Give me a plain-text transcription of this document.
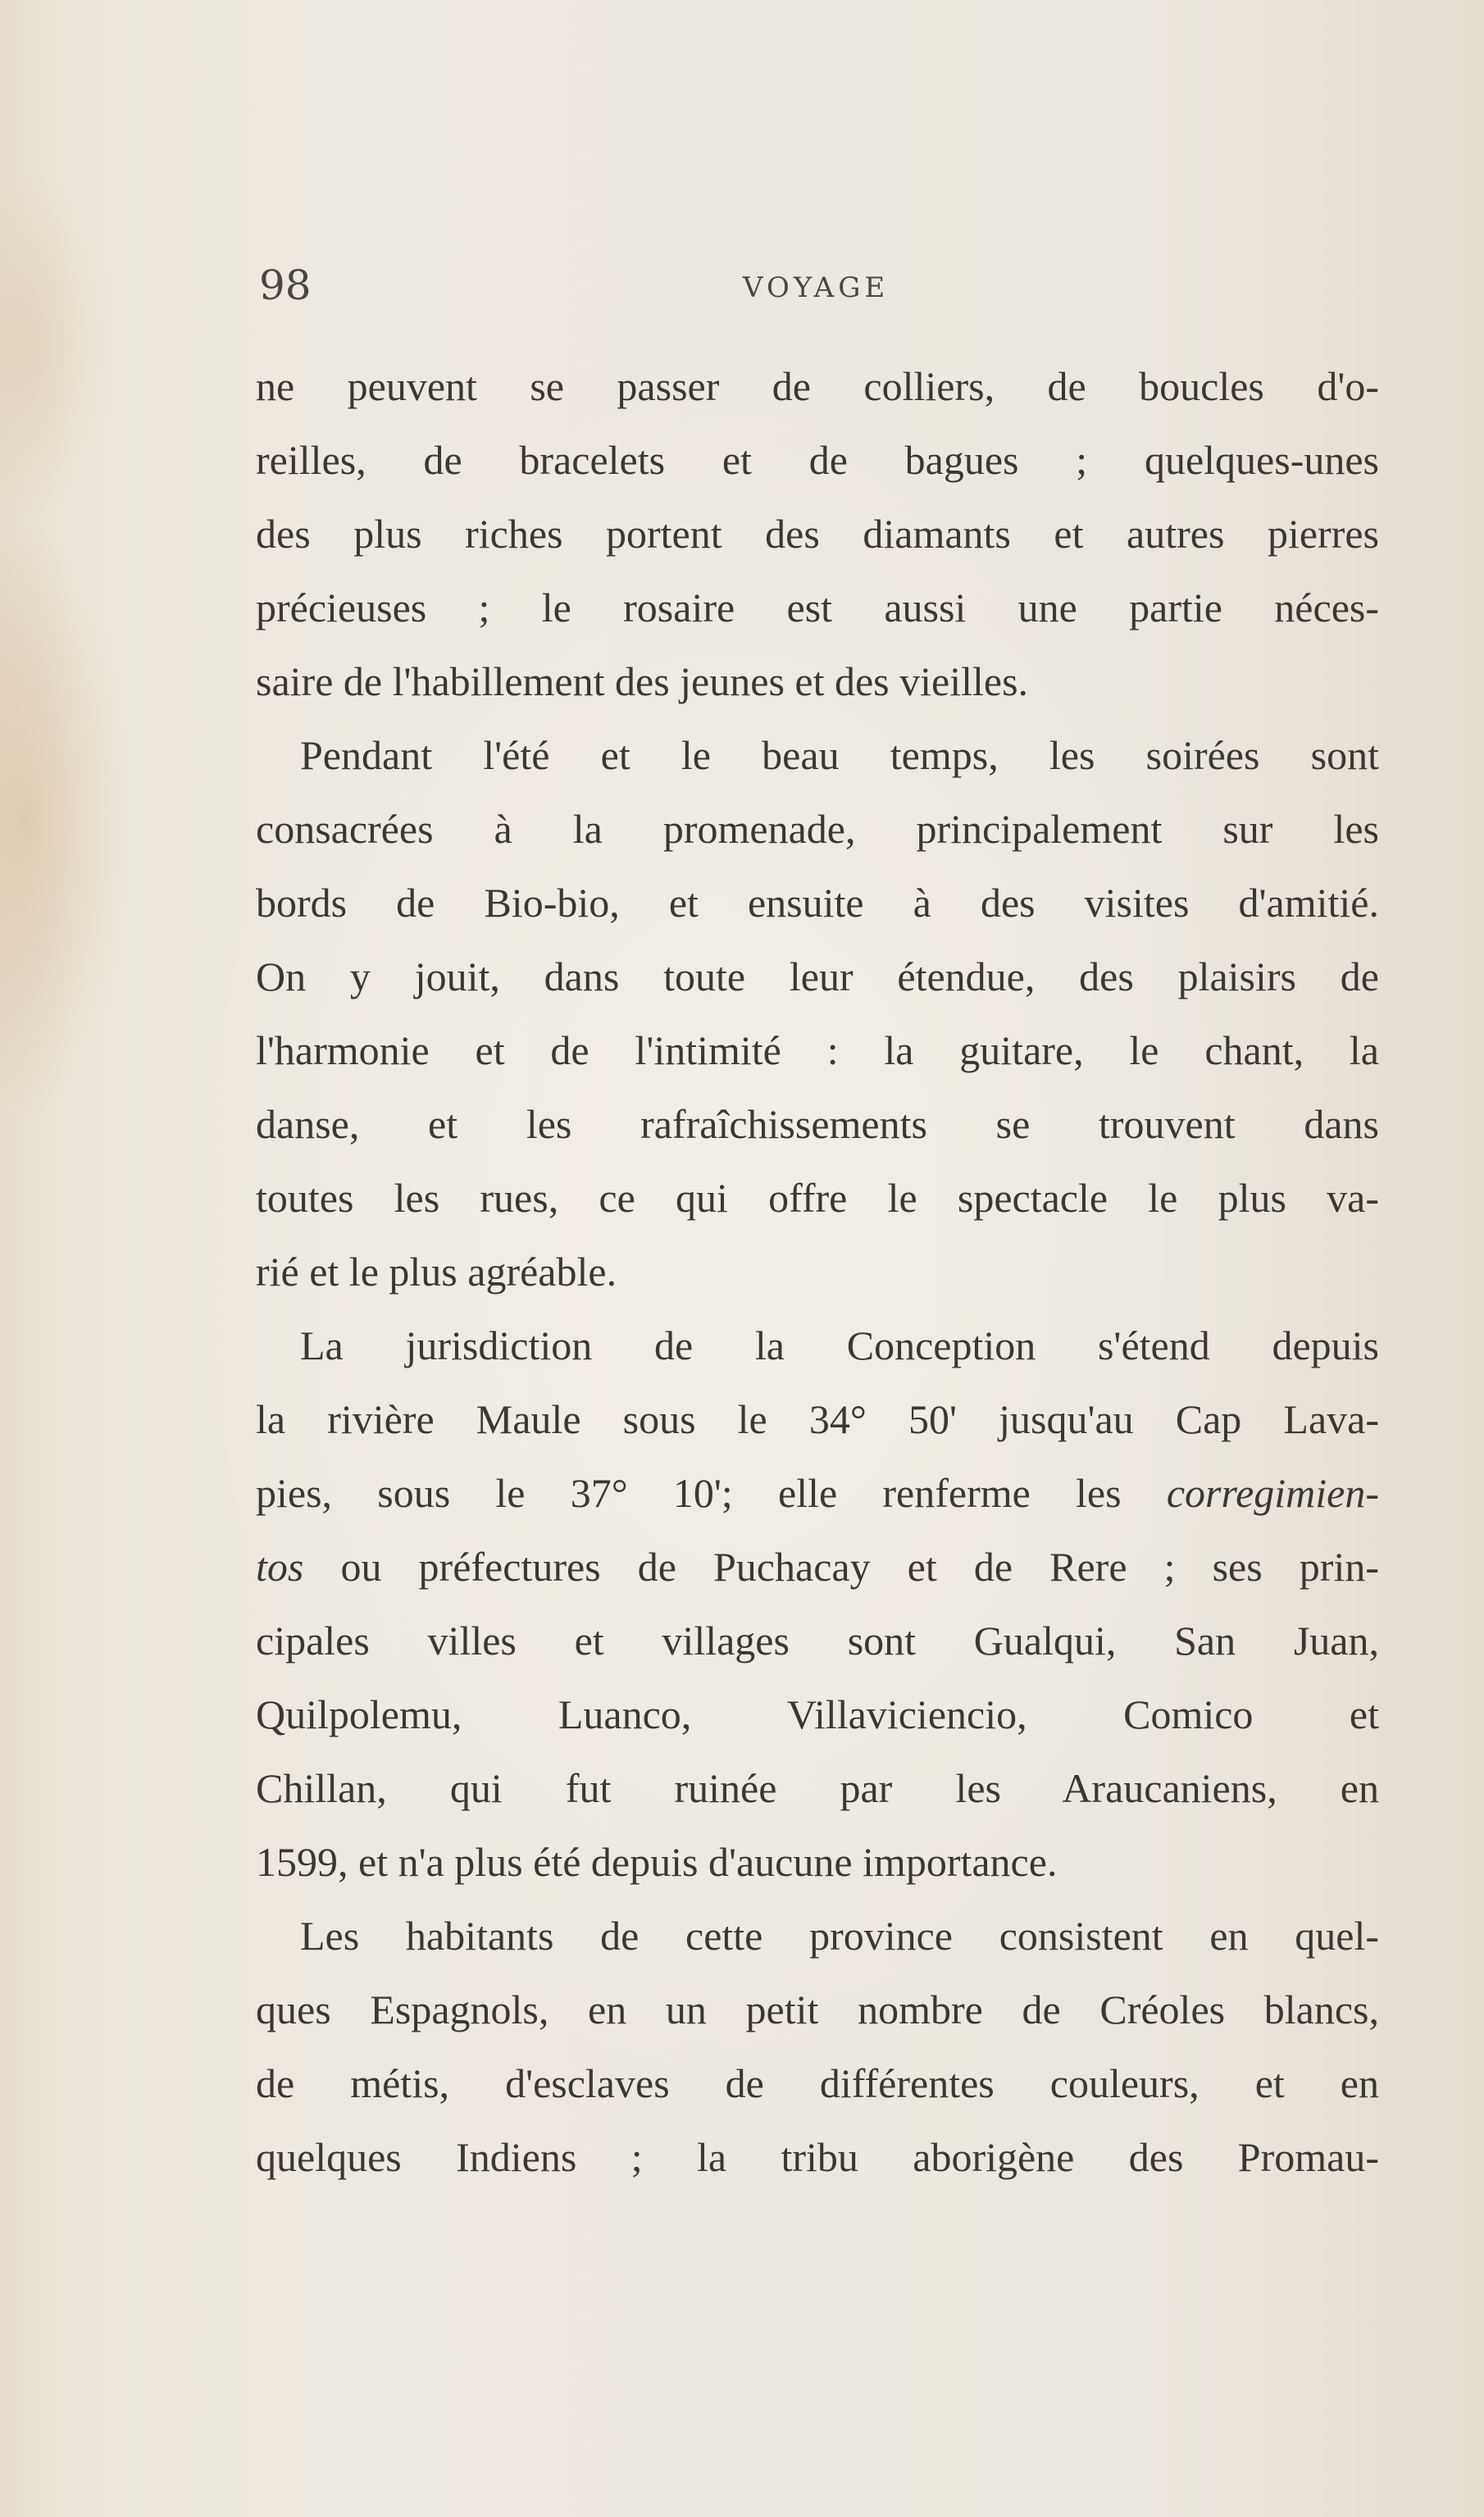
98	VOYAGE

ne peuvent se passer de colliers, de boucles d'o-
reilles, de bracelets et de bagues ; quelques-unes
des plus riches portent des diamants et autres pierres
précieuses ; le rosaire est aussi une partie néces-
saire de l'habillement des jeunes et des vieilles.

Pendant l'été et le beau temps, les soirées sont
consacrées à la promenade, principalement sur les
bords de Bio-bio, et ensuite à des visites d'amitié.
On y jouit, dans toute leur étendue, des plaisirs de
l'harmonie et de l'intimité : la guitare, le chant, la
danse, et les rafraîchissements se trouvent dans
toutes les rues, ce qui offre le spectacle le plus va-
rié et le plus agréable.

La jurisdiction de la Conception s'étend depuis
la rivière Maule sous le 34° 50' jusqu'au Cap Lava-
pies, sous le 37° 10'; elle renferme les corregimien-
tos ou préfectures de Puchacay et de Rere ; ses prin-
cipales villes et villages sont Gualqui, San Juan,
Quilpolemu, Luanco, Villaviciencio, Comico et
Chillan, qui fut ruinée par les Araucaniens, en
1599, et n'a plus été depuis d'aucune importance.

Les habitants de cette province consistent en quel-
ques Espagnols, en un petit nombre de Créoles blancs,
de métis, d'esclaves de différentes couleurs, et en
quelques Indiens ; la tribu aborigène des Promau-
